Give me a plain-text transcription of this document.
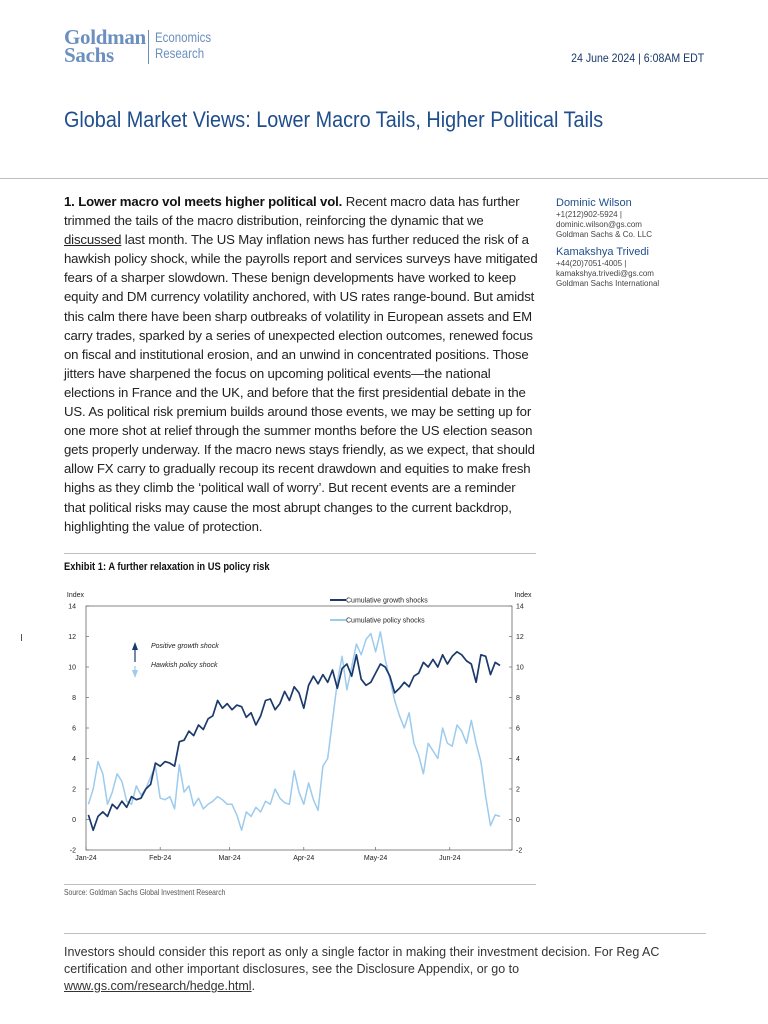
Goldman
Sachs
Economics
Research	24 June 2024 | 6:08AM EDT
Global Market Views: Lower Macro Tails, Higher Political Tails
1. Lower macro vol meets higher political vol. Recent macro data has further trimmed the tails of the macro distribution, reinforcing the dynamic that we discussed last month. The US May inflation news has further reduced the risk of a hawkish policy shock, while the payrolls report and services surveys have mitigated fears of a sharper slowdown. These benign developments have worked to keep equity and DM currency volatility anchored, with US rates range-bound. But amidst this calm there have been sharp outbreaks of volatility in European assets and EM carry trades, sparked by a series of unexpected election outcomes, renewed focus on fiscal and institutional erosion, and an unwind in concentrated positions. Those jitters have sharpened the focus on upcoming political events—the national elections in France and the UK, and before that the first presidential debate in the US. As political risk premium builds around those events, we may be setting up for one more shot at relief through the summer months before the US election season gets properly underway. If the macro news stays friendly, as we expect, that should allow FX carry to gradually recoup its recent drawdown and equities to make fresh highs as they climb the ‘political wall of worry’. But recent events are a reminder that political risks may cause the most abrupt changes to the current backdrop, highlighting the value of protection.
Dominic Wilson
+1(212)902-5924 |
dominic.wilson@gs.com
Goldman Sachs & Co. LLC
Kamakshya Trivedi
+44(20)7051-4005 |
kamakshya.trivedi@gs.com
Goldman Sachs International
Exhibit 1: A further relaxation in US policy risk
Index	Index
-2	-2
0	0
2	2
4	4
6	6
8	8
10	10
12	12
14	14
Jan-24	Feb-24	Mar-24	Apr-24	May-24	Jun-24
Cumulative growth shocks
Cumulative policy shocks
Positive growth shock
Hawkish policy shock
Source: Goldman Sachs Global Investment Research
Investors should consider this report as only a single factor in making their investment decision. For Reg AC certification and other important disclosures, see the Disclosure Appendix, or go to www.gs.com/research/hedge.html.
